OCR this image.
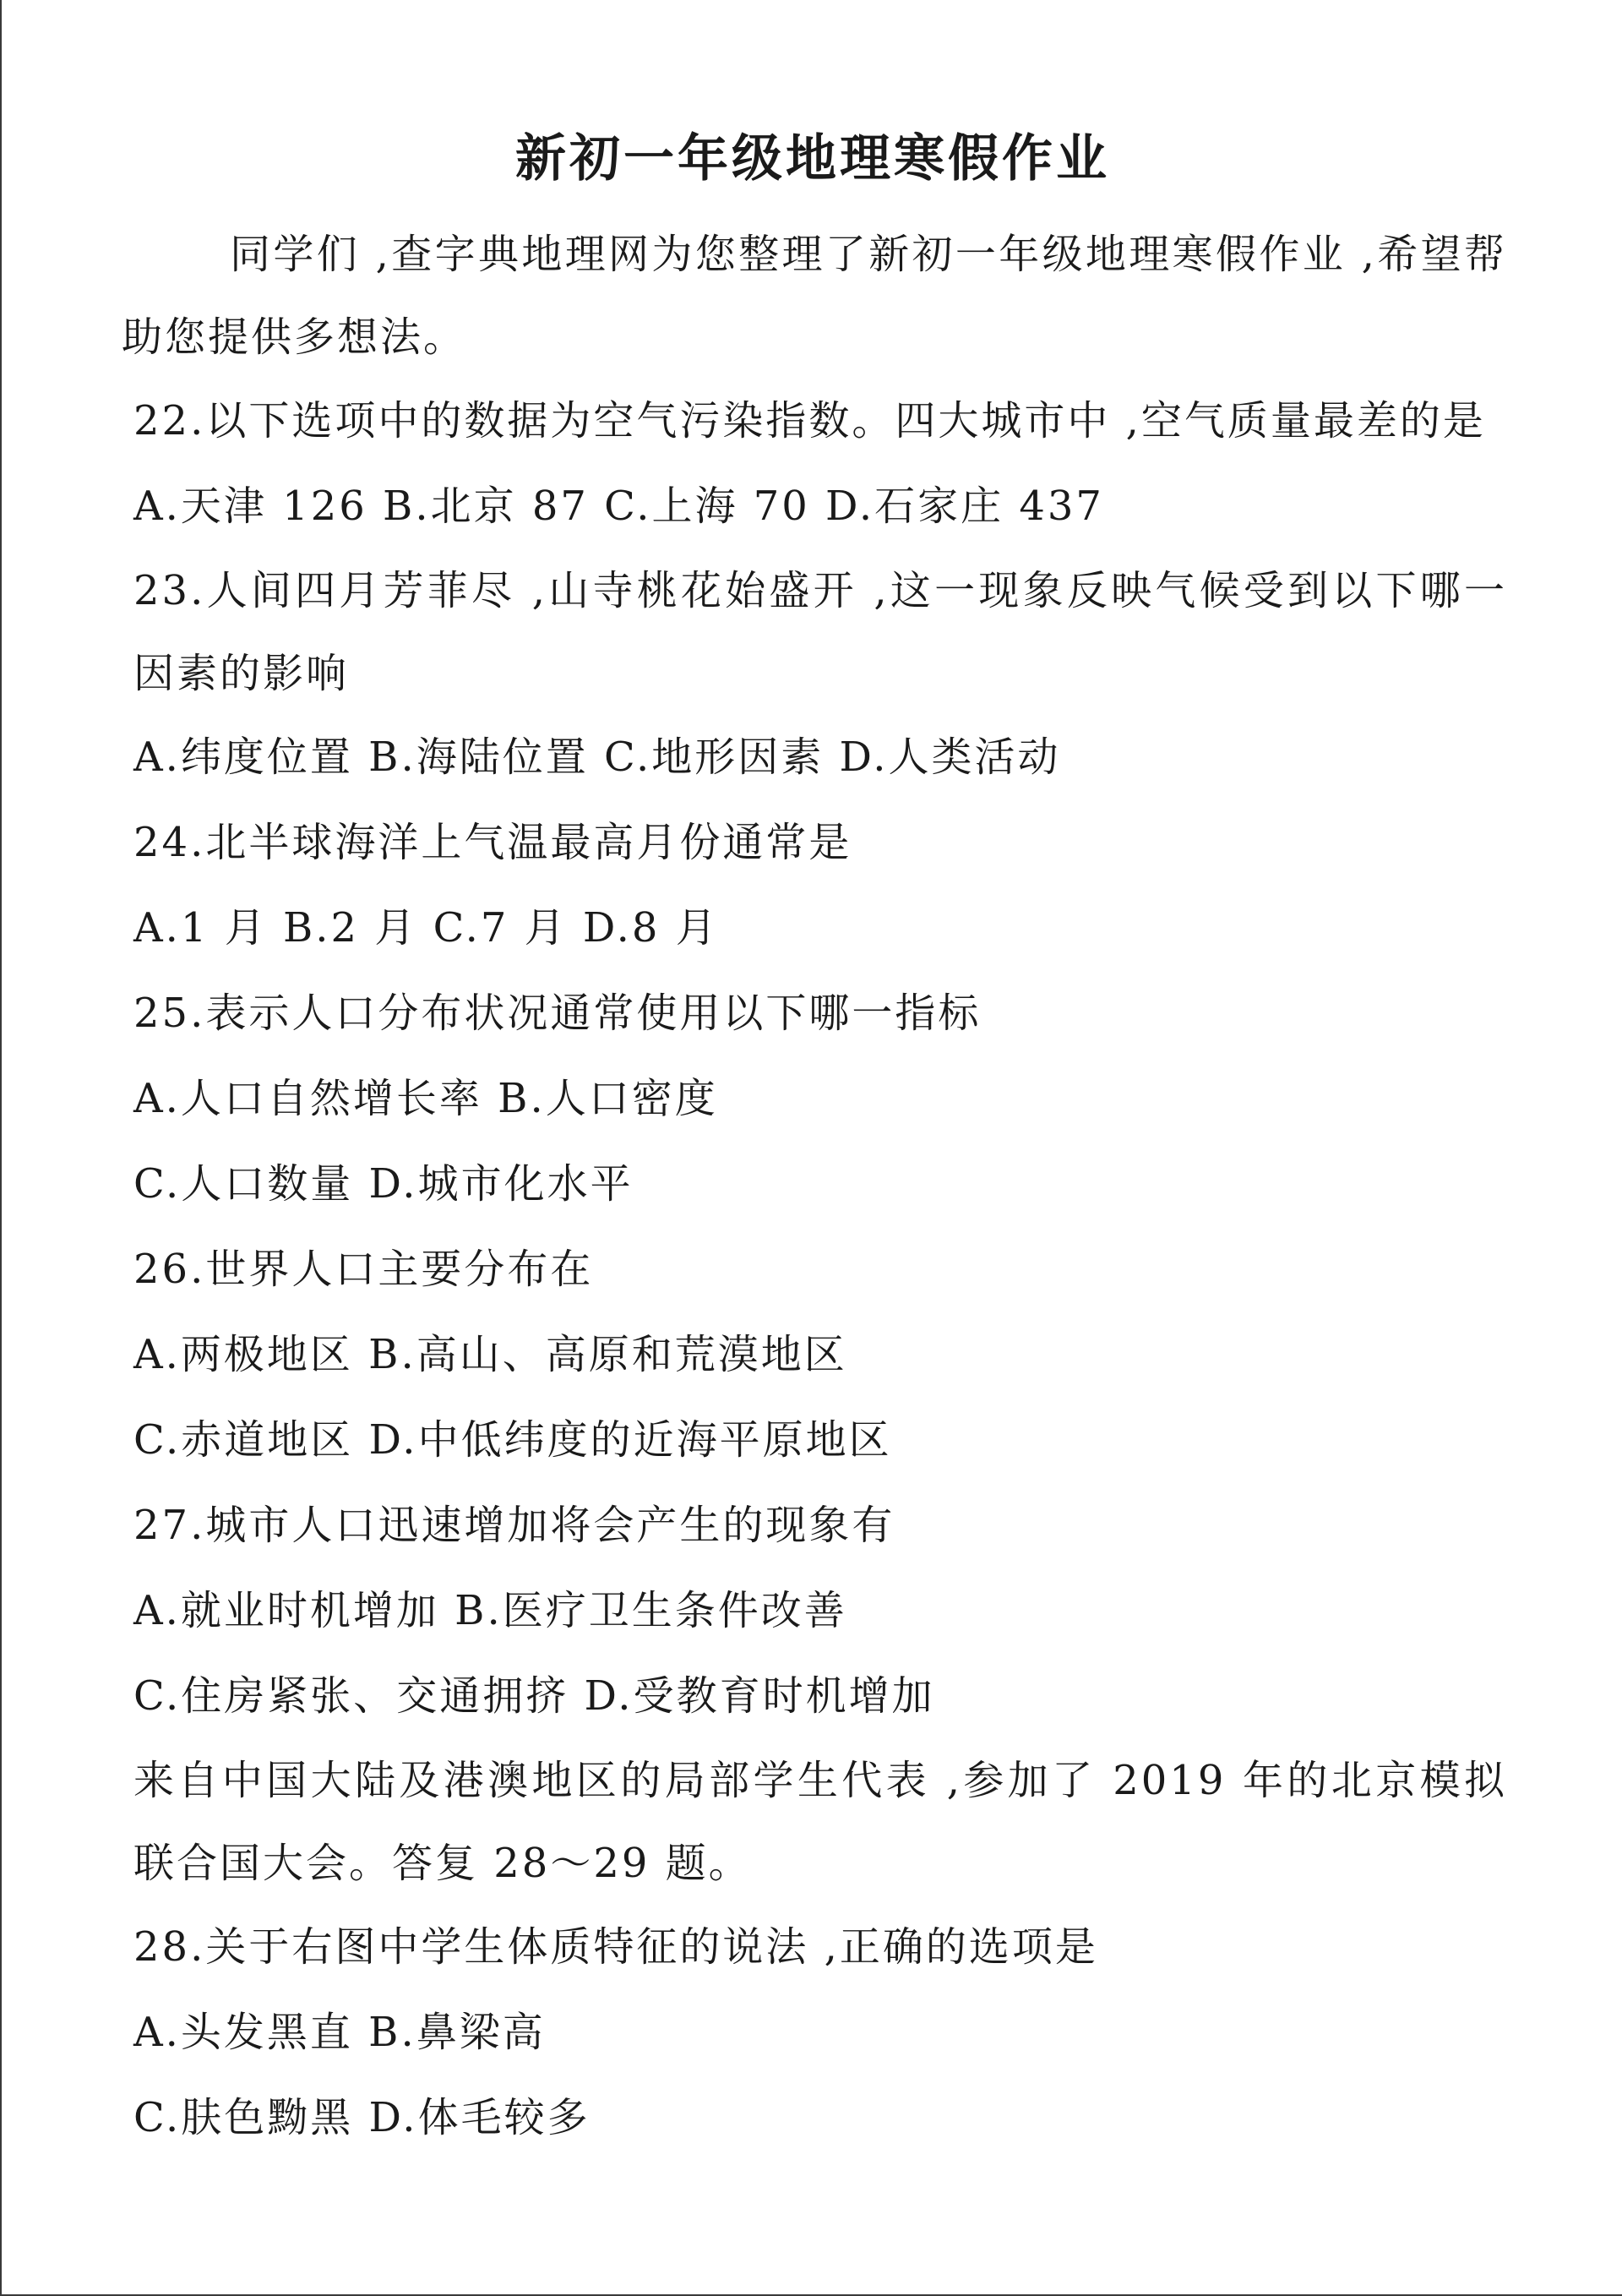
新初一年级地理寒假作业

同学们 ,查字典地理网为您整理了新初一年级地理寒假作业 ,希望帮助您提供多想法。

22.以下选项中的数据为空气污染指数。四大城市中 ,空气质量最差的是

A.天津 126 B.北京 87 C.上海 70 D.石家庄 437

23.人间四月芳菲尽 ,山寺桃花始盛开 ,这一现象反映气候受到以下哪一因素的影响

A.纬度位置 B.海陆位置 C.地形因素 D.人类活动

24.北半球海洋上气温最高月份通常是

A.1 月 B.2 月 C.7 月 D.8 月

25.表示人口分布状况通常使用以下哪一指标

A.人口自然增长率 B.人口密度

C.人口数量 D.城市化水平

26.世界人口主要分布在

A.两极地区 B.高山、高原和荒漠地区

C.赤道地区 D.中低纬度的近海平原地区

27.城市人口迅速增加将会产生的现象有

A.就业时机增加 B.医疗卫生条件改善

C.住房紧张、交通拥挤 D.受教育时机增加

来自中国大陆及港澳地区的局部学生代表 ,参加了 2019 年的北京模拟联合国大会。答复 28～29 题。

28.关于右图中学生体质特征的说法 ,正确的选项是

A.头发黑直 B.鼻梁高

C.肤色黝黑 D.体毛较多
